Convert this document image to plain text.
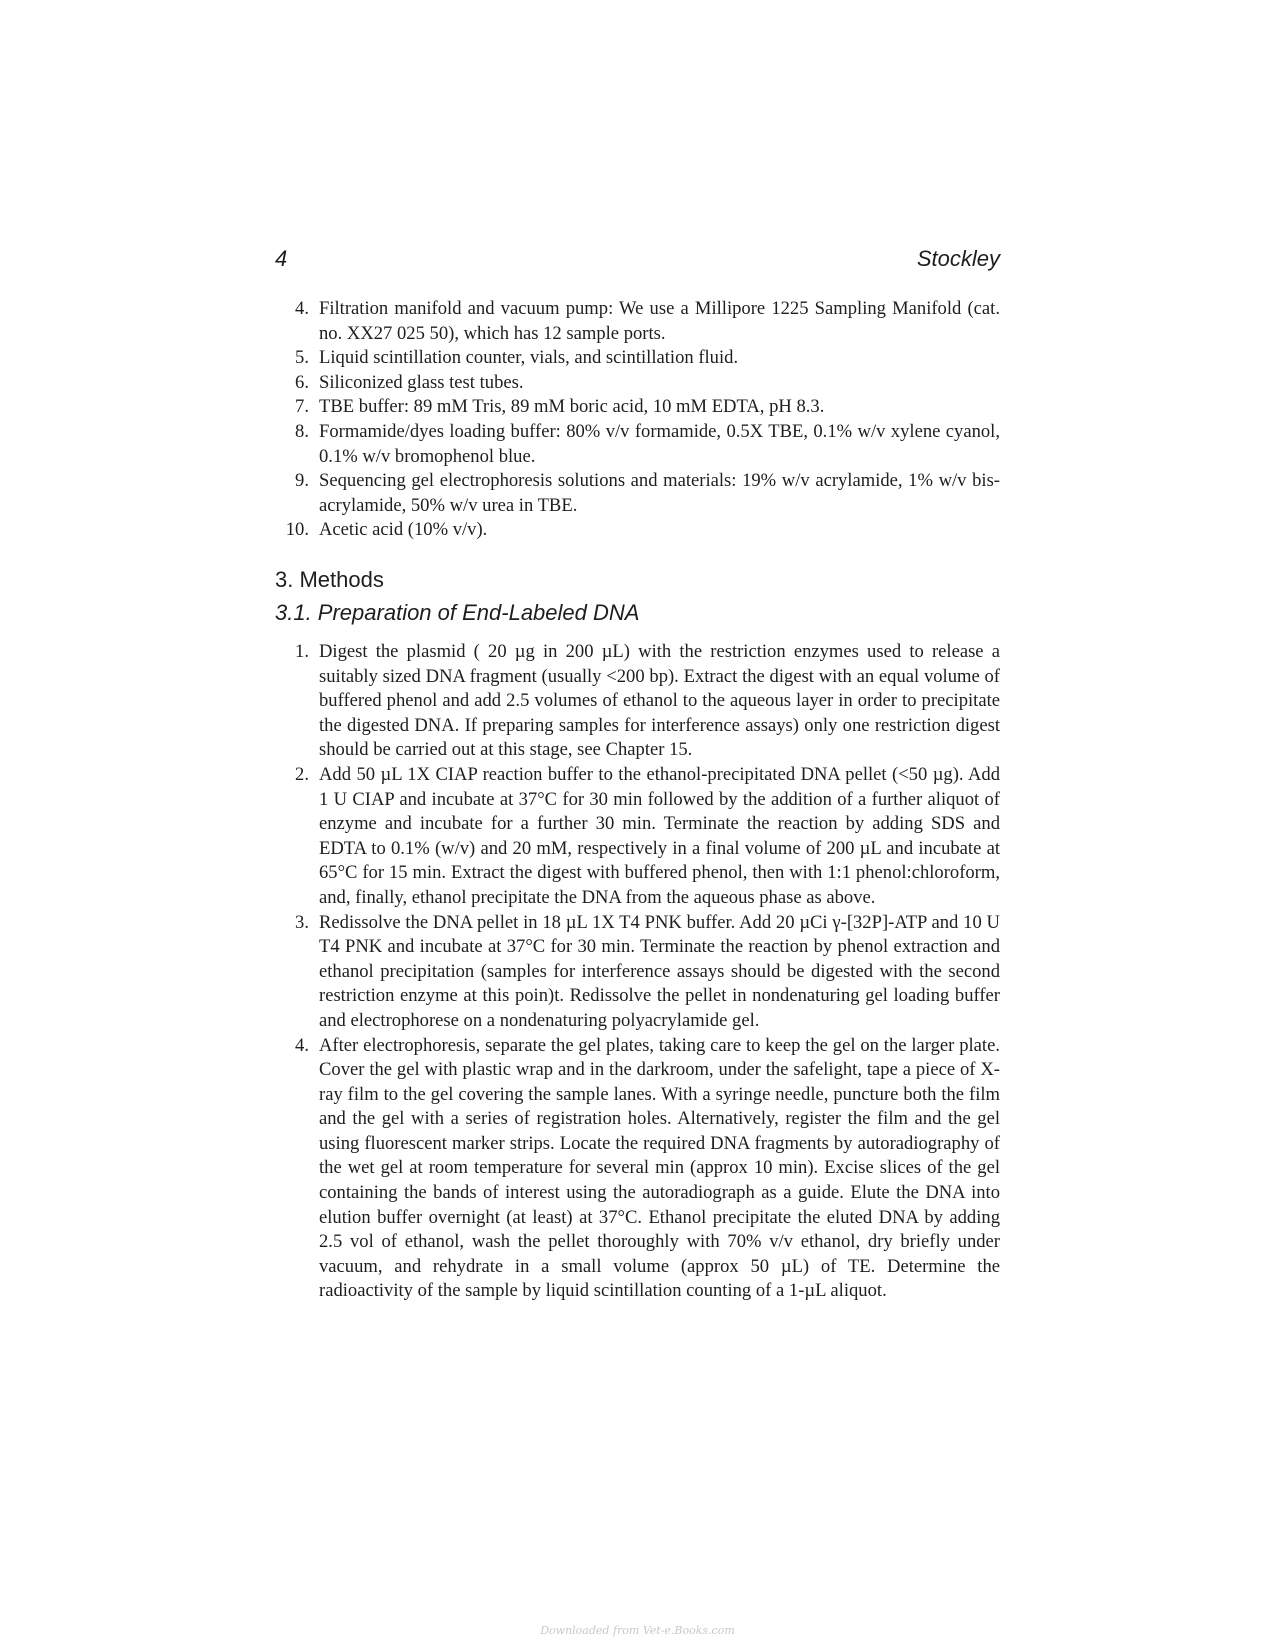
4	Stockley
4. Filtration manifold and vacuum pump: We use a Millipore 1225 Sampling Manifold (cat. no. XX27 025 50), which has 12 sample ports.
5. Liquid scintillation counter, vials, and scintillation fluid.
6. Siliconized glass test tubes.
7. TBE buffer: 89 mM Tris, 89 mM boric acid, 10 mM EDTA, pH 8.3.
8. Formamide/dyes loading buffer: 80% v/v formamide, 0.5X TBE, 0.1% w/v xylene cyanol, 0.1% w/v bromophenol blue.
9. Sequencing gel electrophoresis solutions and materials: 19% w/v acrylamide, 1% w/v bis-acrylamide, 50% w/v urea in TBE.
10. Acetic acid (10% v/v).
3. Methods
3.1. Preparation of End-Labeled DNA
1. Digest the plasmid ( 20 µg in 200 µL) with the restriction enzymes used to release a suitably sized DNA fragment (usually <200 bp). Extract the digest with an equal volume of buffered phenol and add 2.5 volumes of ethanol to the aqueous layer in order to precipitate the digested DNA. If preparing samples for interference assays) only one restriction digest should be carried out at this stage, see Chapter 15.
2. Add 50 µL 1X CIAP reaction buffer to the ethanol-precipitated DNA pellet (<50 µg). Add 1 U CIAP and incubate at 37°C for 30 min followed by the addition of a further aliquot of enzyme and incubate for a further 30 min. Terminate the reaction by adding SDS and EDTA to 0.1% (w/v) and 20 mM, respectively in a final volume of 200 µL and incubate at 65°C for 15 min. Extract the digest with buffered phenol, then with 1:1 phenol:chloroform, and, finally, ethanol precipitate the DNA from the aqueous phase as above.
3. Redissolve the DNA pellet in 18 µL 1X T4 PNK buffer. Add 20 µCi γ-[32P]-ATP and 10 U T4 PNK and incubate at 37°C for 30 min. Terminate the reaction by phenol extraction and ethanol precipitation (samples for interference assays should be digested with the second restriction enzyme at this poin)t. Redissolve the pellet in nondenaturing gel loading buffer and electrophorese on a nondenaturing polyacrylamide gel.
4. After electrophoresis, separate the gel plates, taking care to keep the gel on the larger plate. Cover the gel with plastic wrap and in the darkroom, under the safelight, tape a piece of X-ray film to the gel covering the sample lanes. With a syringe needle, puncture both the film and the gel with a series of registration holes. Alternatively, register the film and the gel using fluorescent marker strips. Locate the required DNA fragments by autoradiography of the wet gel at room temperature for several min (approx 10 min). Excise slices of the gel containing the bands of interest using the autoradiograph as a guide. Elute the DNA into elution buffer overnight (at least) at 37°C. Ethanol precipitate the eluted DNA by adding 2.5 vol of ethanol, wash the pellet thoroughly with 70% v/v ethanol, dry briefly under vacuum, and rehydrate in a small volume (approx 50 µL) of TE. Determine the radioactivity of the sample by liquid scintillation counting of a 1-µL aliquot.
Downloaded from Vet-e.Books.com
